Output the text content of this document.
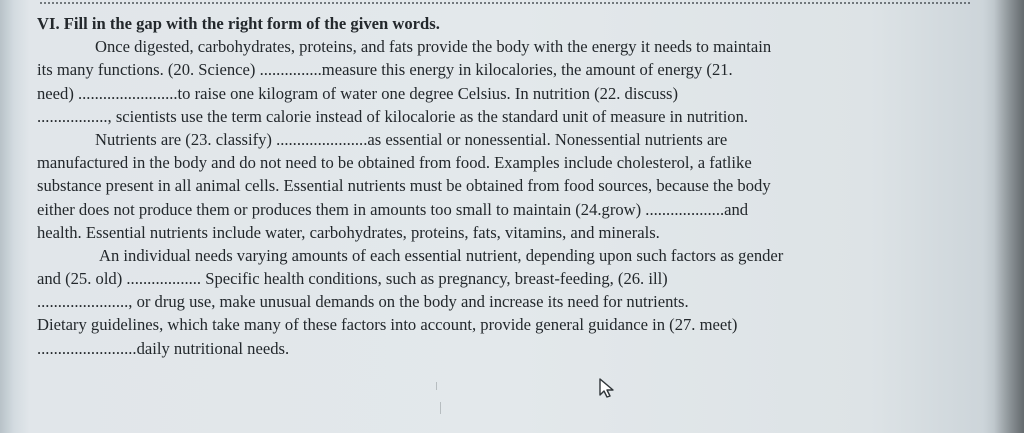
VI. Fill in the gap with the right form of the given words.
Once digested, carbohydrates, proteins, and fats provide the body with the energy it needs to maintain
its many functions. (20. Science) ...............measure this energy in kilocalories, the amount of energy (21.
need) ........................to raise one kilogram of water one degree Celsius. In nutrition (22. discuss)
................., scientists use the term calorie instead of kilocalorie as the standard unit of measure in nutrition.
Nutrients are (23. classify) ......................as essential or nonessential. Nonessential nutrients are
manufactured in the body and do not need to be obtained from food. Examples include cholesterol, a fatlike
substance present in all animal cells. Essential nutrients must be obtained from food sources, because the body
either does not produce them or produces them in amounts too small to maintain (24.grow) ...................and
health. Essential nutrients include water, carbohydrates, proteins, fats, vitamins, and minerals.
An individual needs varying amounts of each essential nutrient, depending upon such factors as gender
and (25. old) .................. Specific health conditions, such as pregnancy, breast-feeding, (26. ill)
......................, or drug use, make unusual demands on the body and increase its need for nutrients.
Dietary guidelines, which take many of these factors into account, provide general guidance in (27. meet)
........................daily nutritional needs.
